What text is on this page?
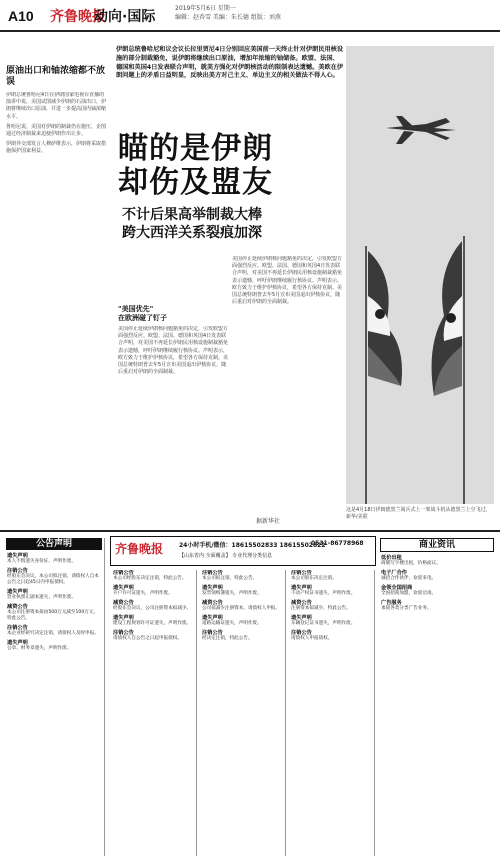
A10 齐鲁晚报
动向·国际
2019年5月6日 星期一
编辑：赵杏雪 美编：朱长德 组版：刘燕
原油出口和铀浓缩都不放误

伊朗总统鲁哈尼4日在伊朗国家电视台直播的演讲中说，美国试图减少伊朗的石油出口，伊朗将继续出口原油，并进一步提高国内铀浓缩水平。

鲁哈尼说，美国对伊朗的制裁仍在施压，企图通过经济制裁来迫使伊朗作出让步。

伊朗外交部发言人穆萨维表示，伊朗将采取措施保护国家利益。

伊朗总统鲁哈尼和议会议长拉里贾尼4日分别回应美国前一天终止针对伊朗民用核设施的部分制裁豁免，说伊朗将继续出口原油，增加年浓缩的铀储备。欧盟、法国、德国和英国4日发表联合声明，就美方强化对伊朗核活动的限制表达遗憾。美欧在伊朗问题上的矛盾日益明显，反映出美方对己主义、单边主义的相关做法不得人心。
瞄的是伊朗
却伤及盟友
不计后果高举制裁大棒
跨大西洋关系裂痕加深
"美国优先"
在欧洲碰了钉子
美国停止延续伊朗核问题豁免的决定，引发欧盟方面强烈反应。欧盟、法国、德国和英国4日发表联合声明，对美国不再延长伊朗民用核设施制裁豁免表示遗憾，呼吁伊朗继续履行核协议。声明表示，欧方致力于维护伊核协议，希望各方保持克制。美国总统特朗普去年5月宣布美国退出伊核协议，随后重启对伊朗的全面制裁。
美国停止延续伊朗核问题豁免的决定，引发欧盟方面强烈反应。欧盟、法国、德国和英国4日发表联合声明，对美国不再延长伊朗民用核设施制裁豁免表示遗憾，呼吁伊朗继续履行核协议。声明表示，欧方致力于维护伊核协议，希望各方保持克制。美国总统特朗普去年5月宣布美国退出伊核协议，随后重启对伊朗的全面制裁。
据新华社
这是4月18日伊朗德黑兰阅兵式上一架战斗机从德黑兰上空飞过。 新华/美联
公告声明
遗失声明
本人不慎遗失身份证，声明作废。
注销公告
经股东会决议，本公司拟注销，请债权人自本公告之日起45日内申报债权。
遗失声明
营业执照正副本遗失，声明作废。
减资公告
本公司注册资本拟由500万元减至100万元，特此公告。
注销公告
本企业经研究决定注销，请债权人及时申报。
遗失声明
公章、财务章遗失，声明作废。
齐鲁晚报	24小时手机/微信：18615502833 18615502822
0531-86778968
【山东省内 全面覆盖】 专业代理分类信息
注销公告
本公司经股东决定注销，特此公告。
遗失声明
开户许可证遗失，声明作废。
减资公告
经股东会决议，公司注册资本拟减少。
遗失声明
建设工程规划许可证遗失，声明作废。
注销公告
请债权人自公告之日起申报债权。
注销公告
本公司拟注销，特此公告。
遗失声明
发票领购簿遗失，声明作废。
减资公告
公司拟减少注册资本，请债权人申报。
遗失声明
道路运输证遗失，声明作废。
注销公告
经决定注销，特此公告。
注销公告
本公司股东决定注销。
遗失声明
不动产权证书遗失，声明作废。
减资公告
注册资本拟减少，特此公告。
遗失声明
车辆登记证书遗失，声明作废。
注销公告
请债权人申报债权。
商业资讯
低价出租
商铺写字楼出租，价格面议。
电子厂合作
诚招合作伙伴，欢迎来电。
金领全国招商
全国招商加盟，欢迎洽谈。
广告服务
承接各类分类广告业务。
